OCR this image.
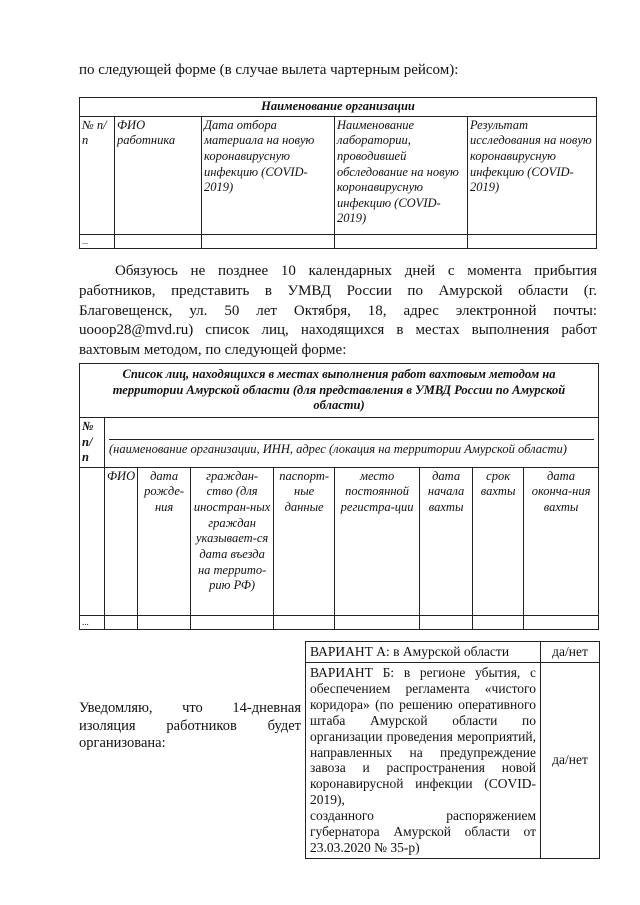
по следующей форме (в случае вылета чартерным рейсом):
Наименование организации				
№ п/п	ФИО работника	Дата отбора материала на новую коронавирусную инфекцию (COVID-2019)	Наименование лаборатории, проводившей обследование на новую коронавирусную инфекцию (COVID-2019)	Результат исследования на новую коронавирусную инфекцию (COVID-2019)
...				
Обязуюсь не позднее 10 календарных дней с момента прибытия работников, представить в УМВД России по Амурской области (г. Благовещенск, ул. 50 лет Октября, 18, адрес электронной почты: uooop28@mvd.ru) список лиц, находящихся в местах выполнения работ вахтовым методом, по следующей форме:
Список лиц, находящихся в местах выполнения работ вахтовым методом на территории Амурской области (для представления в УМВД России по Амурской области)								
№ п/ п	(наименование организации, ИНН, адрес (локация на территории Амурской области)							

	ФИО	дата рожде-ния	граждан-ство (для иностран-ных граждан указывает-ся дата въезда на террито-рию РФ)	паспорт-ные данные	место постоянной регистра-ции	дата начала вахты	срок вахты	дата оконча-ния вахты
...								
Уведомляю, что 14-дневная изоляция работников будет организована:
ВАРИАНТ А: в Амурской области	да/нет

ВАРИАНТ Б: в регионе убытия, с обеспечением регламента «чистого коридора» (по решению оперативного штаба Амурской области по организации проведения мероприятий, направленных на предупреждение завоза и распространения новой коронавирусной инфекции (COVID-2019),
созданного распоряжением губернатора Амурской области от 23.03.2020 № 35-р)	да/нет
